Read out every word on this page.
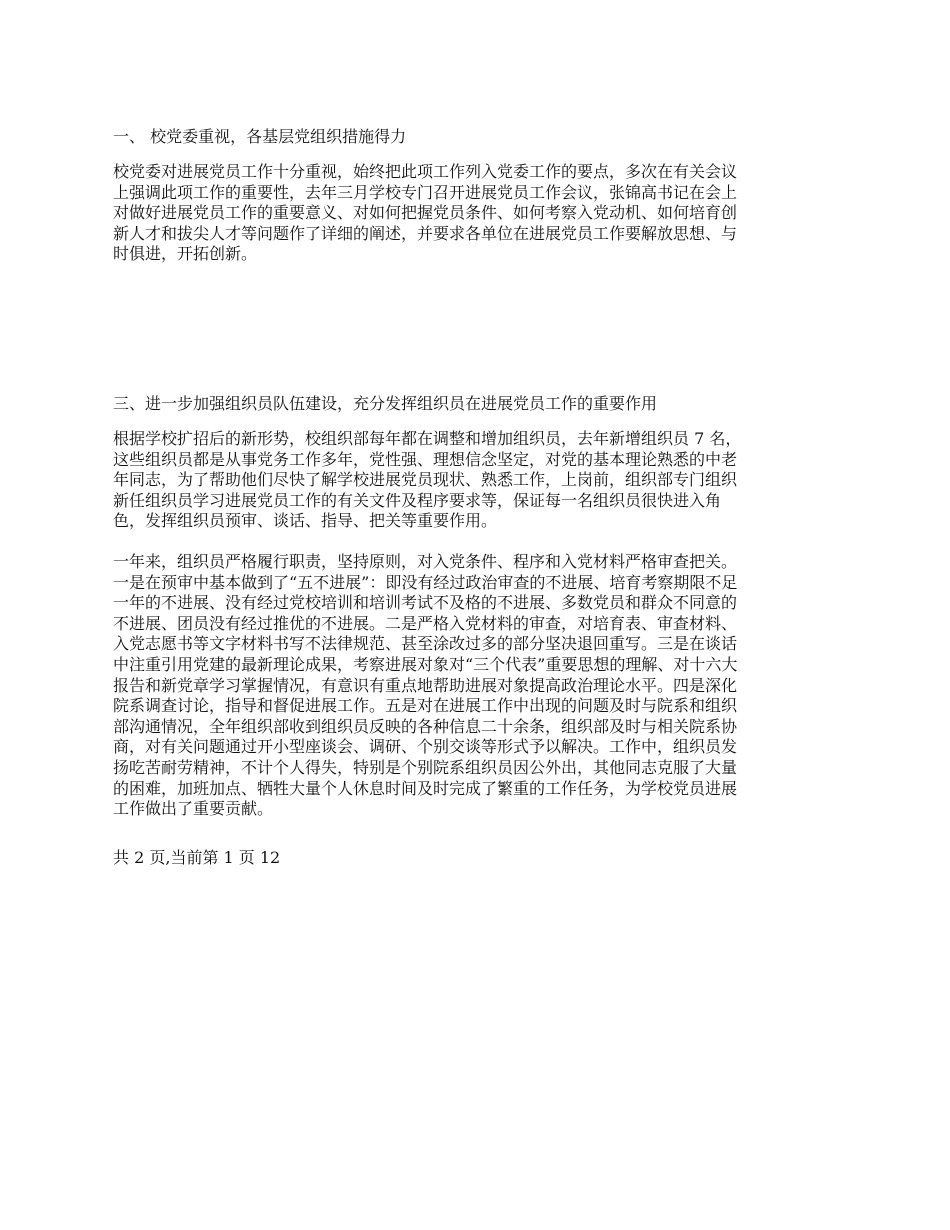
一、 校党委重视，各基层党组织措施得力
校党委对进展党员工作十分重视，始终把此项工作列入党委工作的要点，多次在有关会议
上强调此项工作的重要性，去年三月学校专门召开进展党员工作会议，张锦高书记在会上
对做好进展党员工作的重要意义、对如何把握党员条件、如何考察入党动机、如何培育创
新人才和拔尖人才等问题作了详细的阐述，并要求各单位在进展党员工作要解放思想、与
时俱进，开拓创新。
三、进一步加强组织员队伍建设，充分发挥组织员在进展党员工作的重要作用
根据学校扩招后的新形势，校组织部每年都在调整和增加组织员，去年新增组织员 7 名，
这些组织员都是从事党务工作多年，党性强、理想信念坚定，对党的基本理论熟悉的中老
年同志，为了帮助他们尽快了解学校进展党员现状、熟悉工作，上岗前，组织部专门组织
新任组织员学习进展党员工作的有关文件及程序要求等，保证每一名组织员很快进入角
色，发挥组织员预审、谈话、指导、把关等重要作用。
一年来，组织员严格履行职责，坚持原则，对入党条件、程序和入党材料严格审查把关。
一是在预审中基本做到了“五不进展”：即没有经过政治审查的不进展、培育考察期限不足
一年的不进展、没有经过党校培训和培训考试不及格的不进展、多数党员和群众不同意的
不进展、团员没有经过推优的不进展。二是严格入党材料的审查，对培育表、审查材料、
入党志愿书等文字材料书写不法律规范、甚至涂改过多的部分坚决退回重写。三是在谈话
中注重引用党建的最新理论成果，考察进展对象对“三个代表”重要思想的理解、对十六大
报告和新党章学习掌握情况，有意识有重点地帮助进展对象提高政治理论水平。四是深化
院系调查讨论，指导和督促进展工作。五是对在进展工作中出现的问题及时与院系和组织
部沟通情况，全年组织部收到组织员反映的各种信息二十余条，组织部及时与相关院系协
商，对有关问题通过开小型座谈会、调研、个别交谈等形式予以解决。工作中，组织员发
扬吃苦耐劳精神，不计个人得失，特别是个别院系组织员因公外出，其他同志克服了大量
的困难，加班加点、牺牲大量个人休息时间及时完成了繁重的工作任务，为学校党员进展
工作做出了重要贡献。

共 2 页,当前第 1 页 12
